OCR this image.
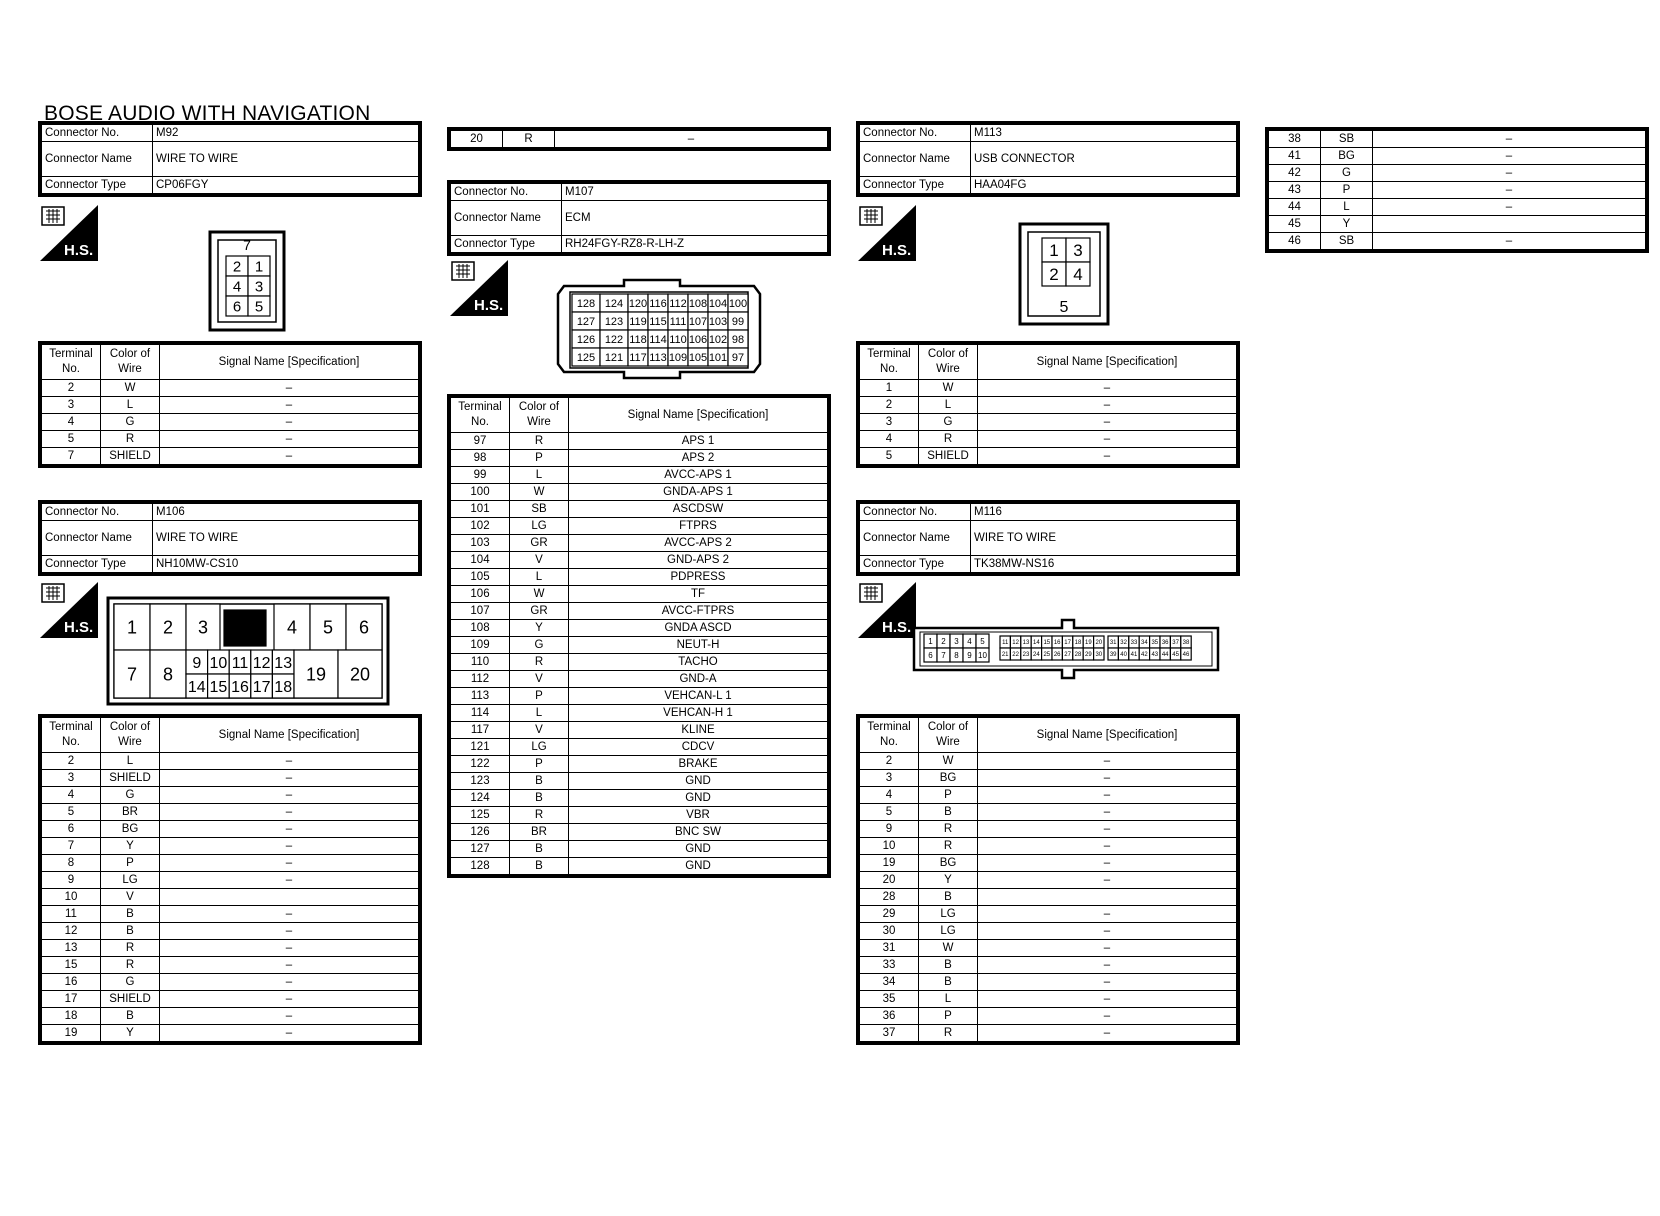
BOSE AUDIO WITH NAVIGATION
Connector No.	M92
Connector Name	WIRE TO WIRE
Connector Type	CP06FGY
H.S.	7
2 1
4 3
6 5
Terminal No.	Color of Wire	Signal Name [Specification]
2	W	–
3	L	–
4	G	–
5	R	–
7	SHIELD	–
Connector No.	M106
Connector Name	WIRE TO WIRE
Connector Type	NH10MW-CS10
H.S. 1 2 3	4 5 6
7 8
9
14
10
15
11
16
12
17
13
18
19 20
Terminal No.	Color of Wire	Signal Name [Specification]
2	L	–
3	SHIELD	–
4	G	–
5	BR	–
6	BG	–
7	Y	–
8	P	–
9	LG	–
10	V	
11	B	–
12	B	–
13	R	–
15	R	–
16	G	–
17	SHIELD	–
18	B	–
19	Y	–
20	R	–
Connector No.	M107
Connector Name	ECM
Connector Type	RH24FGY-RZ8-R-LH-Z
H.S.	128 124 120 116 112 108 104 100
127 123 119 115 111 107 103 99
126 122 118 114 110 106 102 98
125 121 117 113 109 105 101 97
Terminal No.	Color of Wire	Signal Name [Specification]
97	R	APS 1
98	P	APS 2
99	L	AVCC-APS 1
100	W	GNDA-APS 1
101	SB	ASCDSW
102	LG	FTPRS
103	GR	AVCC-APS 2
104	V	GND-APS 2
105	L	PDPRESS
106	W	TF
107	GR	AVCC-FTPRS
108	Y	GNDA ASCD
109	G	NEUT-H
110	R	TACHO
112	V	GND-A
113	P	VEHCAN-L 1
114	L	VEHCAN-H 1
117	V	KLINE
121	LG	CDCV
122	P	BRAKE
123	B	GND
124	B	GND
125	R	VBR
126	BR	BNC SW
127	B	GND
128	B	GND
Connector No.	M113
Connector Name	USB CONNECTOR
Connector Type	HAA04FG
H.S.	1 3
2 4
5
Terminal No.	Color of Wire	Signal Name [Specification]
1	W	–
2	L	–
3	G	–
4	R	–
5	SHIELD	–
Connector No.	M116
Connector Name	WIRE TO WIRE
Connector Type	TK38MW-NS16
H.S.
1
6
2
7
3
8
4
9
5
10
11
21
12
22
13
23
14
24
15
25
16
26
17
27
18
28
19
29
20
30
31
39
32
40
33
41
34
42
35
43
36
44
37
45
38
46
Terminal No.	Color of Wire	Signal Name [Specification]
2	W	–
3	BG	–
4	P	–
5	B	–
9	R	–
10	R	–
19	BG	–
20	Y	–
28	B	
29	LG	–
30	LG	–
31	W	–
33	B	–
34	B	–
35	L	–
36	P	–
37	R	–
38	SB	–
41	BG	–
42	G	–
43	P	–
44	L	–
45	Y	
46	SB	–
